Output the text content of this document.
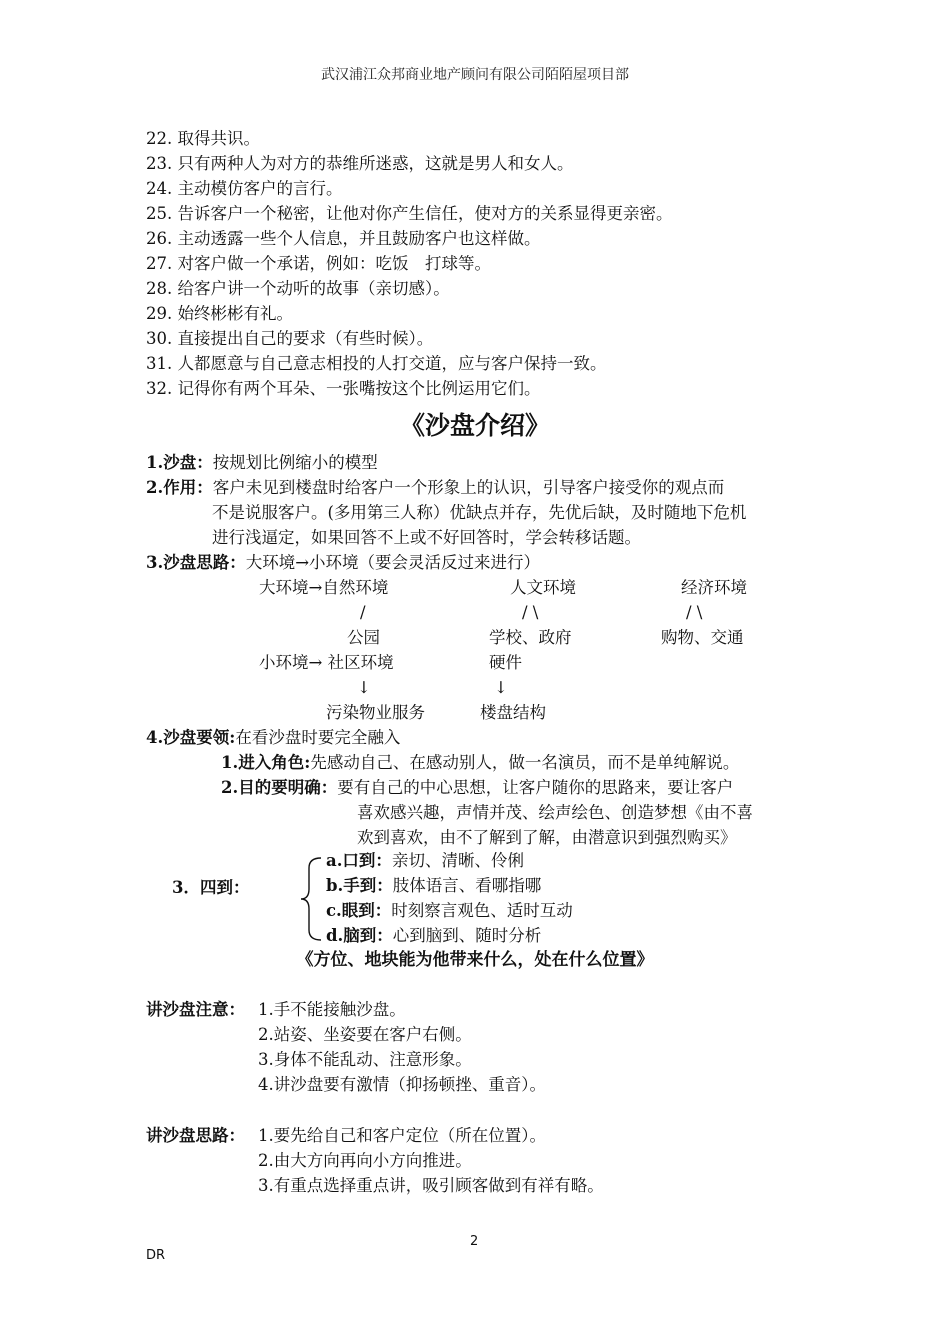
武汉浦江众邦商业地产顾问有限公司陌陌屋项目部
22. 取得共识。
23. 只有两种人为对方的恭维所迷惑，这就是男人和女人。
24. 主动模仿客户的言行。
25. 告诉客户一个秘密，让他对你产生信任，使对方的关系显得更亲密。
26. 主动透露一些个人信息，并且鼓励客户也这样做。
27. 对客户做一个承诺，例如：吃饭　打球等。
28. 给客户讲一个动听的故事（亲切感）。
29. 始终彬彬有礼。
30. 直接提出自己的要求（有些时候）。
31. 人都愿意与自己意志相投的人打交道，应与客户保持一致。
32. 记得你有两个耳朵、一张嘴按这个比例运用它们。
《沙盘介绍》
1.沙盘：按规划比例缩小的模型
2.作用：客户未见到楼盘时给客户一个形象上的认识，引导客户接受你的观点而
不是说服客户。(多用第三人称）优缺点并存，先优后缺，及时随地下危机
进行浅逼定，如果回答不上或不好回答时，学会转移话题。
3.沙盘思路：大环境→小环境（要会灵活反过来进行）
大环境→自然环境	人文环境	经济环境
/	/ \	/ \
公园	学校、政府	购物、交通
小环境→ 社区环境	硬件
↓	↓
污染物业服务	楼盘结构
4.沙盘要领:在看沙盘时要完全融入
1.进入角色:先感动自己、在感动别人，做一名演员，而不是单纯解说。
2.目的要明确：要有自己的中心思想，让客户随你的思路来，要让客户
喜欢感兴趣，声情并茂、绘声绘色、创造梦想《由不喜
欢到喜欢，由不了解到了解，由潜意识到强烈购买》
3．四到：
a.口到：亲切、清晰、伶俐
b.手到：肢体语言、看哪指哪
c.眼到：时刻察言观色、适时互动
d.脑到：心到脑到、随时分析
《方位、地块能为他带来什么，处在什么位置》
讲沙盘注意： 1.手不能接触沙盘。
2.站姿、坐姿要在客户右侧。
3.身体不能乱动、注意形象。
4.讲沙盘要有激情（抑扬顿挫、重音）。
讲沙盘思路： 1.要先给自己和客户定位（所在位置）。
2.由大方向再向小方向推进。
3.有重点选择重点讲，吸引顾客做到有祥有略。
2
DR
